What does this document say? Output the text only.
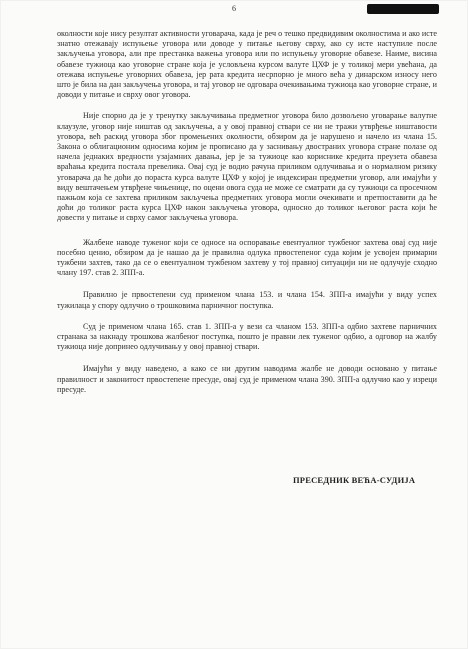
6

околности које нису резултат активности уговарача, када је реч о тешко предвидивим околностима и ако исте знатно отежавају испуњење уговора или доводе у питање његову сврху, ако су исте наступиле после закључења уговора, али пре престанка важења уговора или по испуњењу уговорне обавезе. Наиме, висина обавезе тужиоца као уговорне стране која је условљена курсом валуте ЦХФ је у толикој мери увећана, да отежава испуњење уговорних обавеза, јер рата кредита несрпорно је много већа у динарском износу него што је била на дан закључења уговора, и тај уговор не одговара очекивањима тужиоца као уговорне стране, и доводи у питање и сврху овог уговора.

Није спорно да је у тренутку закључивања предметног уговора било дозвољено уговарање валутне клаузуле, уговор није ништав од закључења, а у овој правној ствари се ни не тражи утврђење ништавости уговора, већ раскид уговора због промењених околности, обзиром да је нарушено и начело из члана 15. Закона о облигационим односима којим је прописано да у заснивању двостраних уговора стране полазе од начела једнаких вредности узајамних давања, јер је за тужиоце као кориснике кредита преузета обавеза враћања кредита постала превелика. Овај суд је водио рачуна приликом одлучивања и о нормалном ризику уговарача да ће доћи до пораста курса валуте ЦХФ у којој је индексиран предметни уговор, али имајући у виду вештачењем утврђене чињенице, по оцени овога суда не може се сматрати да су тужиоци са просечном пажњом која се захтева приликом закључења предметних уговора могли очекивати и претпоставити да ће доћи до толиког раста курса ЦХФ након закључења уговора, односно до толиког његовог раста који ће довести у питање и сврху самог закључења уговора.

Жалбене наводе туженог који се односе на оспоравање евентуалног тужбеног захтева овај суд није посебно ценио, обзиром да је нашао да је правилна одлука првостепеног суда којим је усвојен примарни тужбени захтев, тако да се о евентуалном тужбеном захтеву у тој правној ситуацији ни не одлучује сходно члану 197. став 2. ЗПП-а.

Правилно је првостепени суд применом члана 153. и члана 154. ЗПП-а имајући у виду успех тужилаца у спору одлучио о трошковима парничног поступка.

Суд је применом члана 165. став 1. ЗПП-а у вези са чланом 153. ЗПП-а одбио захтеве парничних странака за накнаду трошкова жалбеног поступка, пошто је правни лек туженог одбио, а одговор на жалбу тужиоца није допринео одлучивању у овој правној ствари.

Имајући у виду наведено, а како се ни другим наводима жалбе не доводи основано у питање правилност и законитост првостепене пресуде, овај суд је применом члана 390. ЗПП-а одлучио као у изреци пресуде.

ПРЕСЕДНИК ВЕЋА-СУДИЈА
